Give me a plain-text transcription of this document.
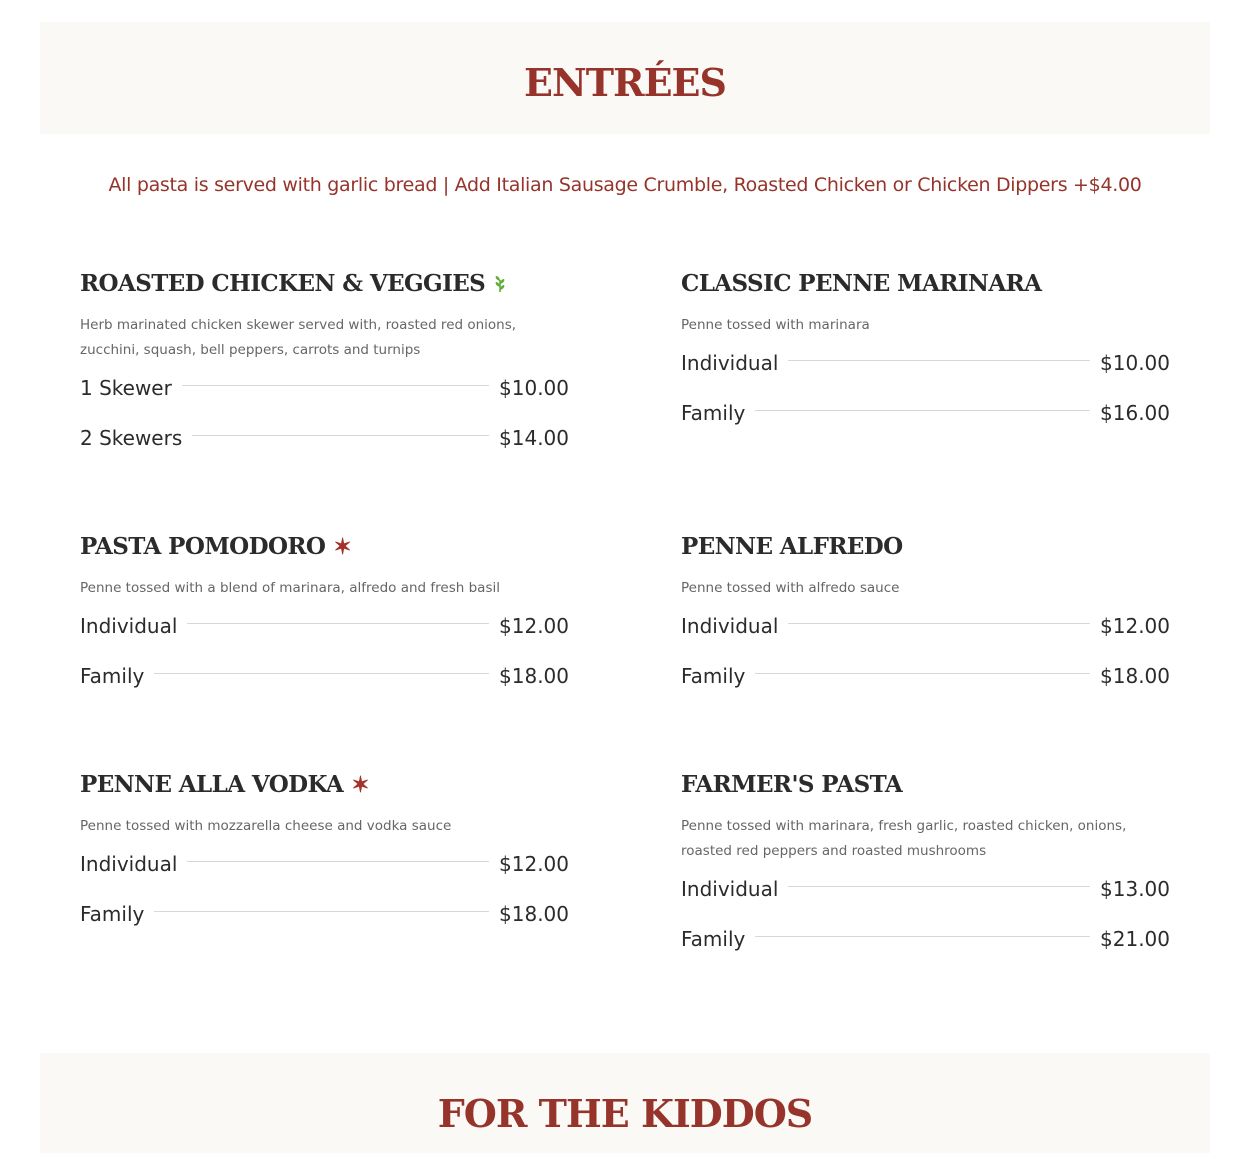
ENTRÉES
All pasta is served with garlic bread | Add Italian Sausage Crumble, Roasted Chicken or Chicken Dippers +$4.00
ROASTED CHICKEN & VEGGIES

Herb marinated chicken skewer served with, roasted red onions, zucchini, squash, bell peppers, carrots and turnips

1 Skewer	$10.00
2 Skewers	$14.00
CLASSIC PENNE MARINARA

Penne tossed with marinara

Individual	$10.00
Family	$16.00
PASTA POMODORO ✶

Penne tossed with a blend of marinara, alfredo and fresh basil

Individual	$12.00
Family	$18.00
PENNE ALFREDO

Penne tossed with alfredo sauce

Individual	$12.00
Family	$18.00
PENNE ALLA VODKA ✶

Penne tossed with mozzarella cheese and vodka sauce

Individual	$12.00
Family	$18.00
FARMER'S PASTA

Penne tossed with marinara, fresh garlic, roasted chicken, onions, roasted red peppers and roasted mushrooms

Individual	$13.00
Family	$21.00
FOR THE KIDDOS
